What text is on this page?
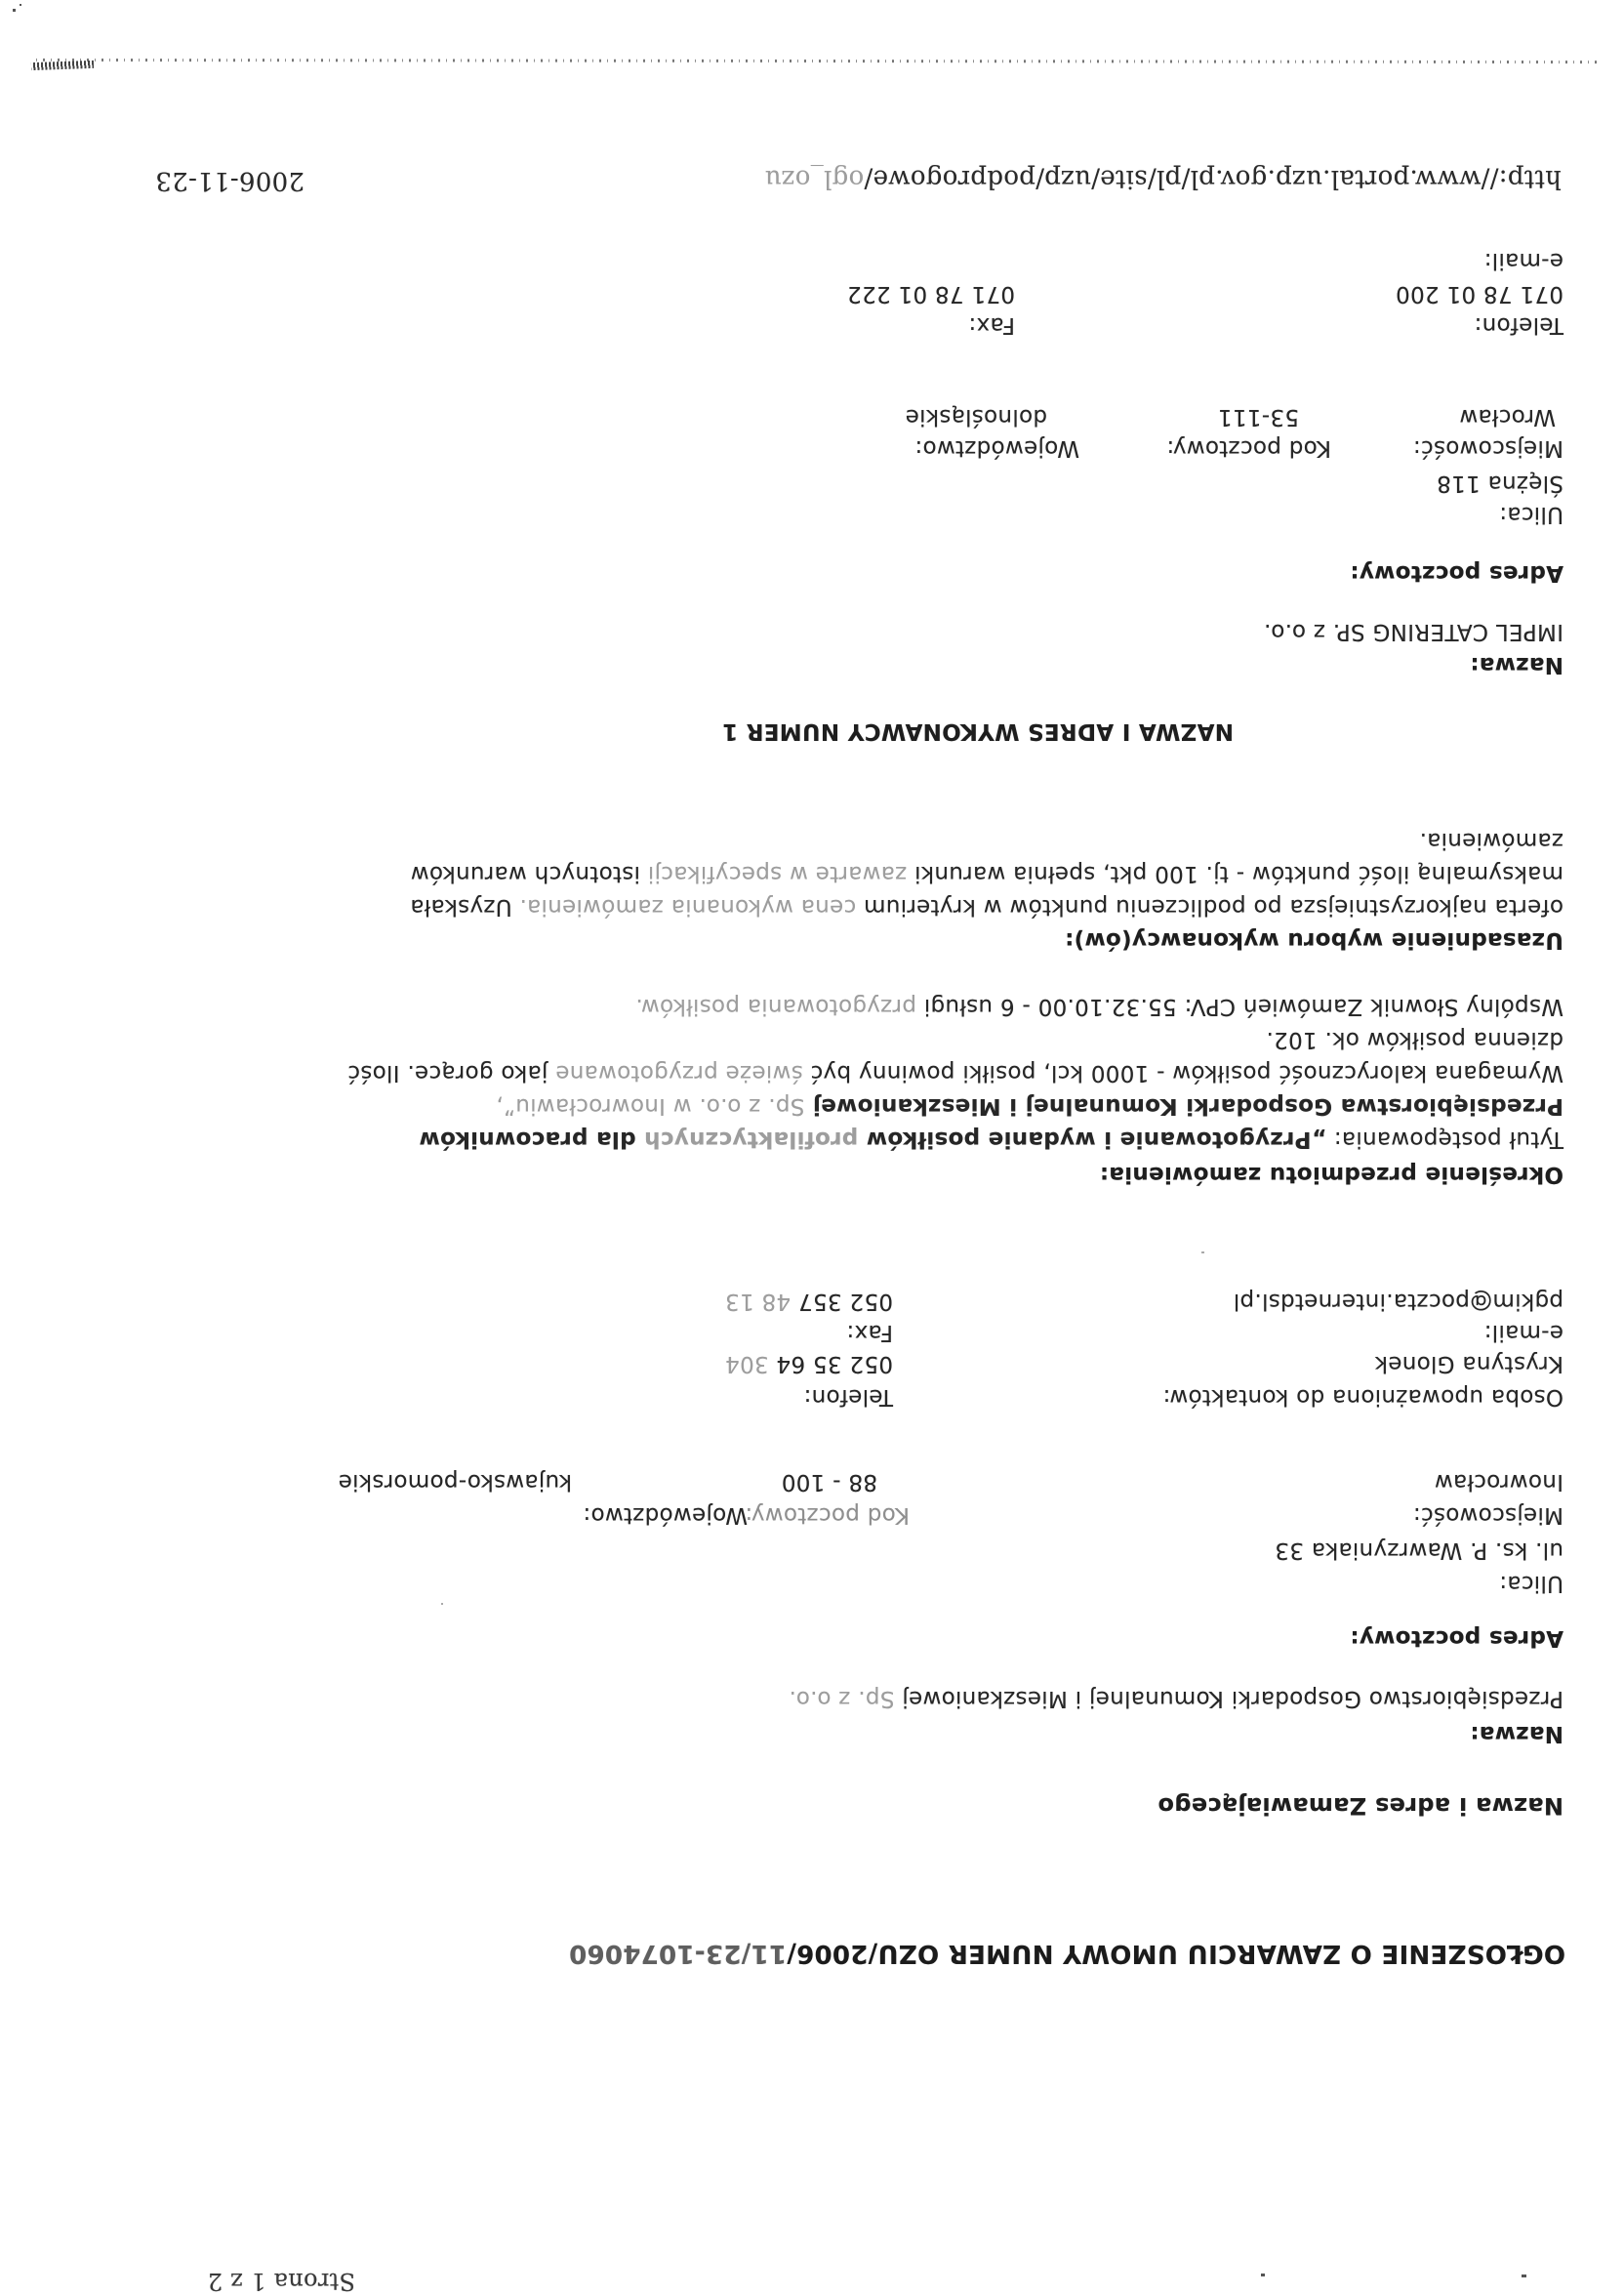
Strona 1 z 2
OGŁOSZENIE O ZAWARCIU UMOWY NUMER OZU/2006/11/23-1074060
Nazwa i adres Zamawiającego
Nazwa:
Przedsiębiorstwo Gospodarki Komunalnej i Mieszkaniowej Sp. z o.o.
Adres pocztowy:
Ulica:
ul. ks. P. Wawrzyniaka 33
Miejscowość:
Kod pocztowy:
Województwo:
Inowrocław
88 - 100
kujawsko-pomorskie
Osoba upoważniona do kontaktów:
Telefon:
Krystyna Glonek
052 35 64 304
e-mail:
Fax:
pgkim@poczta.internetdsl.pl
052 357 48 13
Określenie przedmiotu zamówienia:
Tytuł postępowania: „Przygotowanie i wydanie posiłków profilaktycznych dla pracowników
Przedsiębiorstwa Gospodarki Komunalnej i Mieszkaniowej Sp. z o.o. w Inowrocławiu”,
Wymagana kaloryczność posiłków - 1000 kcl, posiłki powinny być świeże przygotowane jako gorące. Ilość
dzienna posiłków ok. 102.
Wspólny Słownik Zamówień CPV: 55.32.10.00 - 6 usługi przygotowania posiłków.
Uzasadnienie wyboru wykonawcy(ów):
oferta najkorzystniejsza po podliczeniu punktów w kryterium cena wykonania zamówienia. Uzyskała
maksymalną ilość punktów - tj. 100 pkt, spełnia warunki zawarte w specyfikacji istotnych warunków
zamówienia.
NAZWA I ADRES WYKONAWCY NUMER 1
Nazwa:
IMPEL CATERING SP. z o.o.
Adres pocztowy:
Ulica:
Ślężna 118
Miejscowość:
Kod pocztowy:
Województwo:
Wrocław
53-111
dolnośląskie
Telefon:
Fax:
071 78 01 200
071 78 01 222
e-mail:
http://www.portal.uzp.gov.pl/pl/site/uzp/podprogowe/ogl_ozu
2006-11-23
